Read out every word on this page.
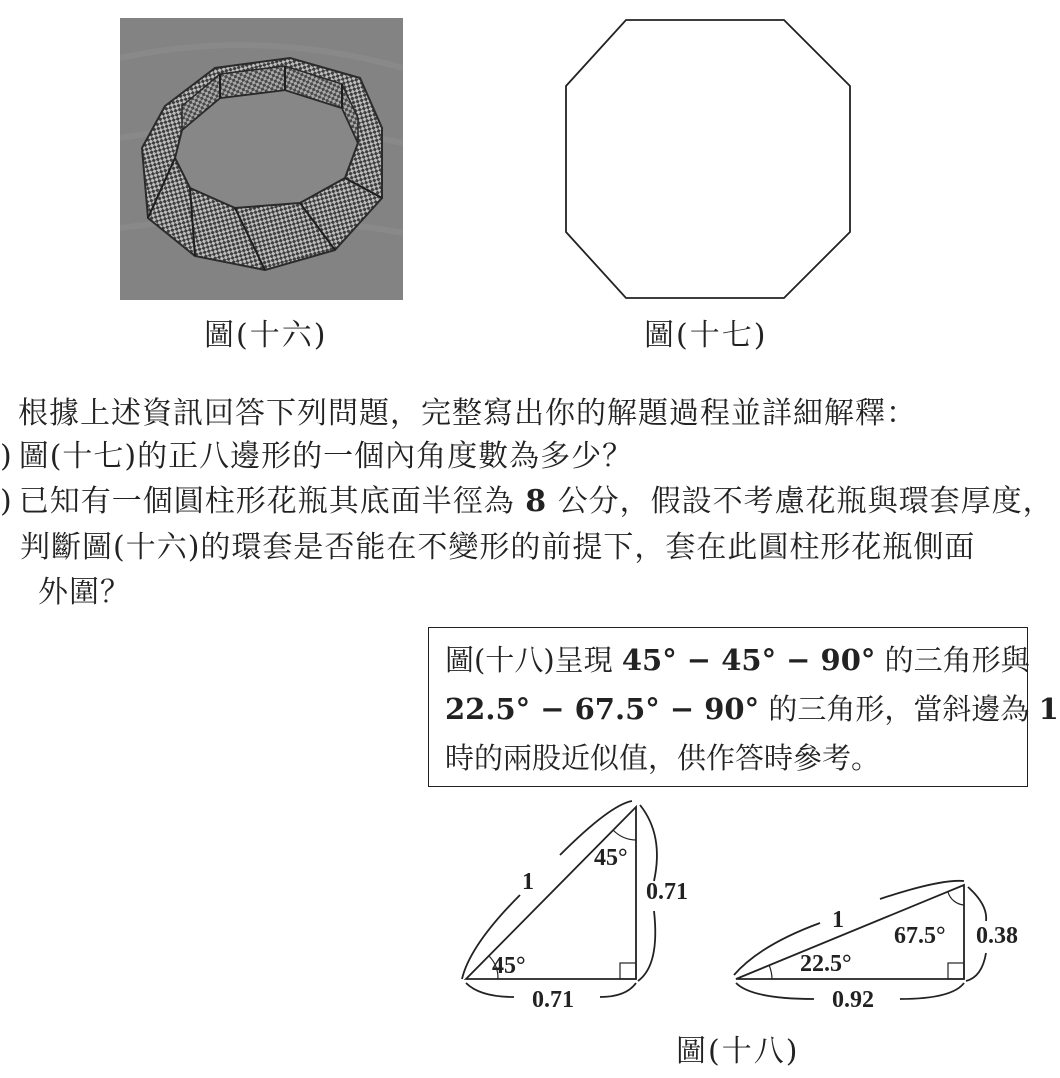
圖(十六)	圖(十七)
根據上述資訊回答下列問題，完整寫出你的解題過程並詳細解釋：
) 圖(十七)的正八邊形的一個內角度數為多少？
) 已知有一個圓柱形花瓶其底面半徑為 8 公分，假設不考慮花瓶與環套厚度，
判斷圖(十六)的環套是否能在不變形的前提下，套在此圓柱形花瓶側面
外圍？
圖(十八)呈現 45° − 45° − 90° 的三角形與
22.5° − 67.5° − 90° 的三角形，當斜邊為 1
時的兩股近似值，供作答時參考。
1
45°
0.71
45°
0.71
1
67.5° 0.38
22.5°
0.92
圖(十八)
